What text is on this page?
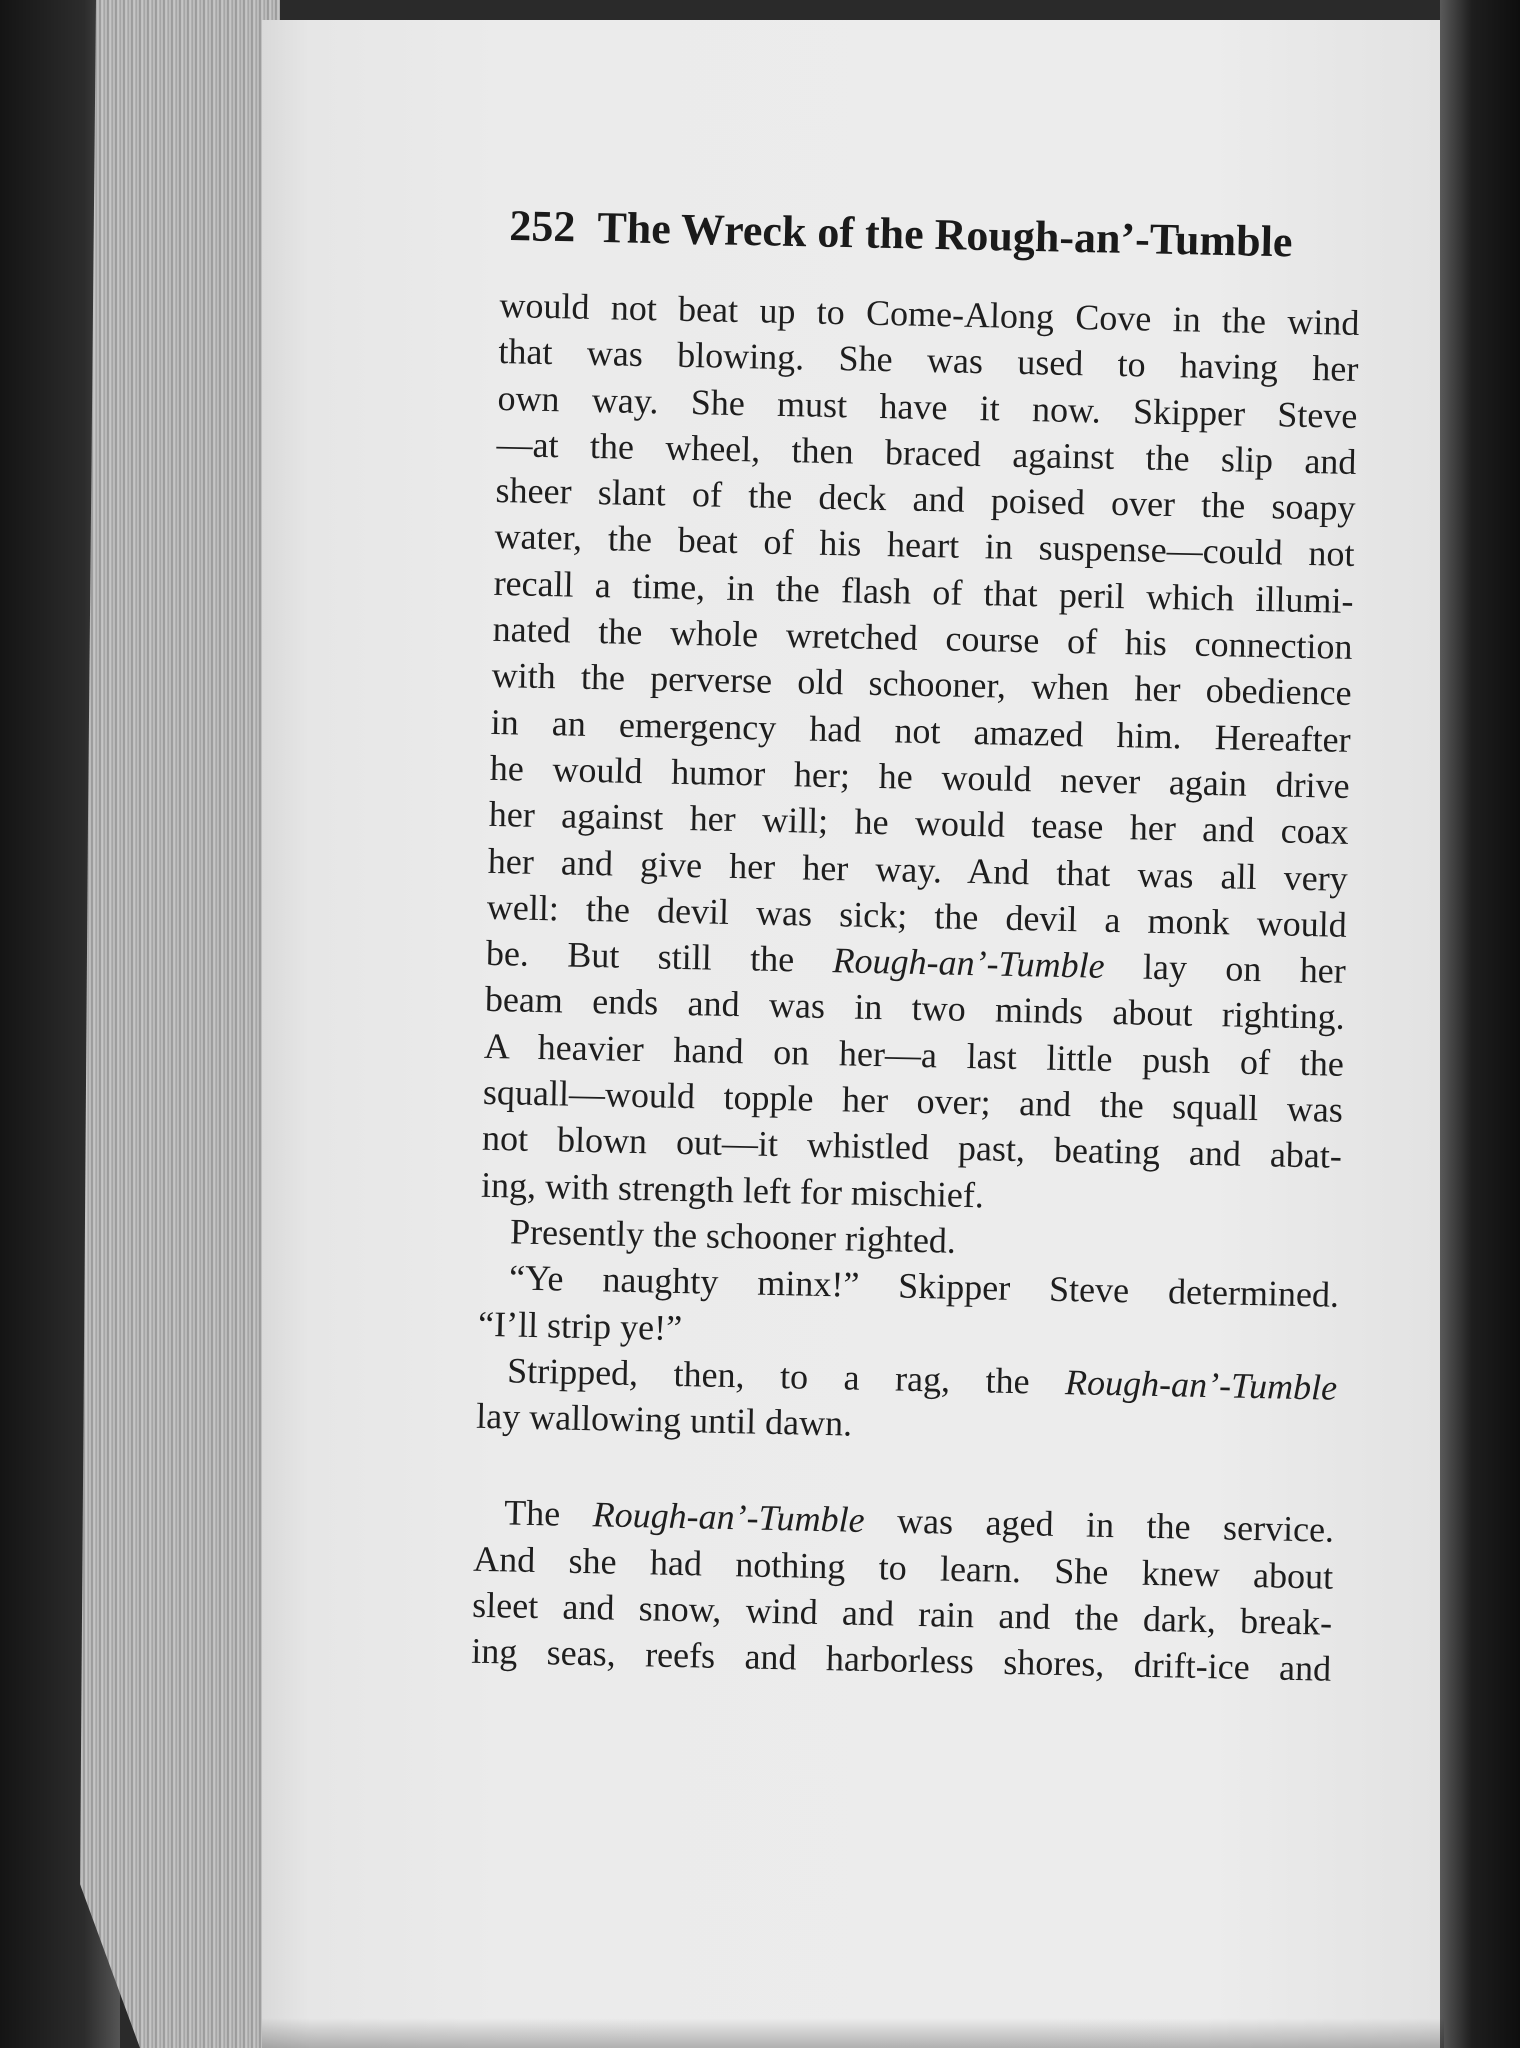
252 The Wreck of the Rough-an’-Tumble
would not beat up to Come-Along Cove in the wind
that was blowing. She was used to having her
own way. She must have it now. Skipper Steve
—at the wheel, then braced against the slip and
sheer slant of the deck and poised over the soapy
water, the beat of his heart in suspense—could not
recall a time, in the flash of that peril which illumi-
nated the whole wretched course of his connection
with the perverse old schooner, when her obedience
in an emergency had not amazed him. Hereafter
he would humor her; he would never again drive
her against her will; he would tease her and coax
her and give her her way. And that was all very
well: the devil was sick; the devil a monk would
be. But still the Rough-an’-Tumble lay on her
beam ends and was in two minds about righting.
A heavier hand on her—a last little push of the
squall—would topple her over; and the squall was
not blown out—it whistled past, beating and abat-
ing, with strength left for mischief.
Presently the schooner righted.
“Ye naughty minx!” Skipper Steve determined.
“I’ll strip ye!”
Stripped, then, to a rag, the Rough-an’-Tumble
lay wallowing until dawn.
The Rough-an’-Tumble was aged in the service.
And she had nothing to learn. She knew about
sleet and snow, wind and rain and the dark, break-
ing seas, reefs and harborless shores, drift-ice and
